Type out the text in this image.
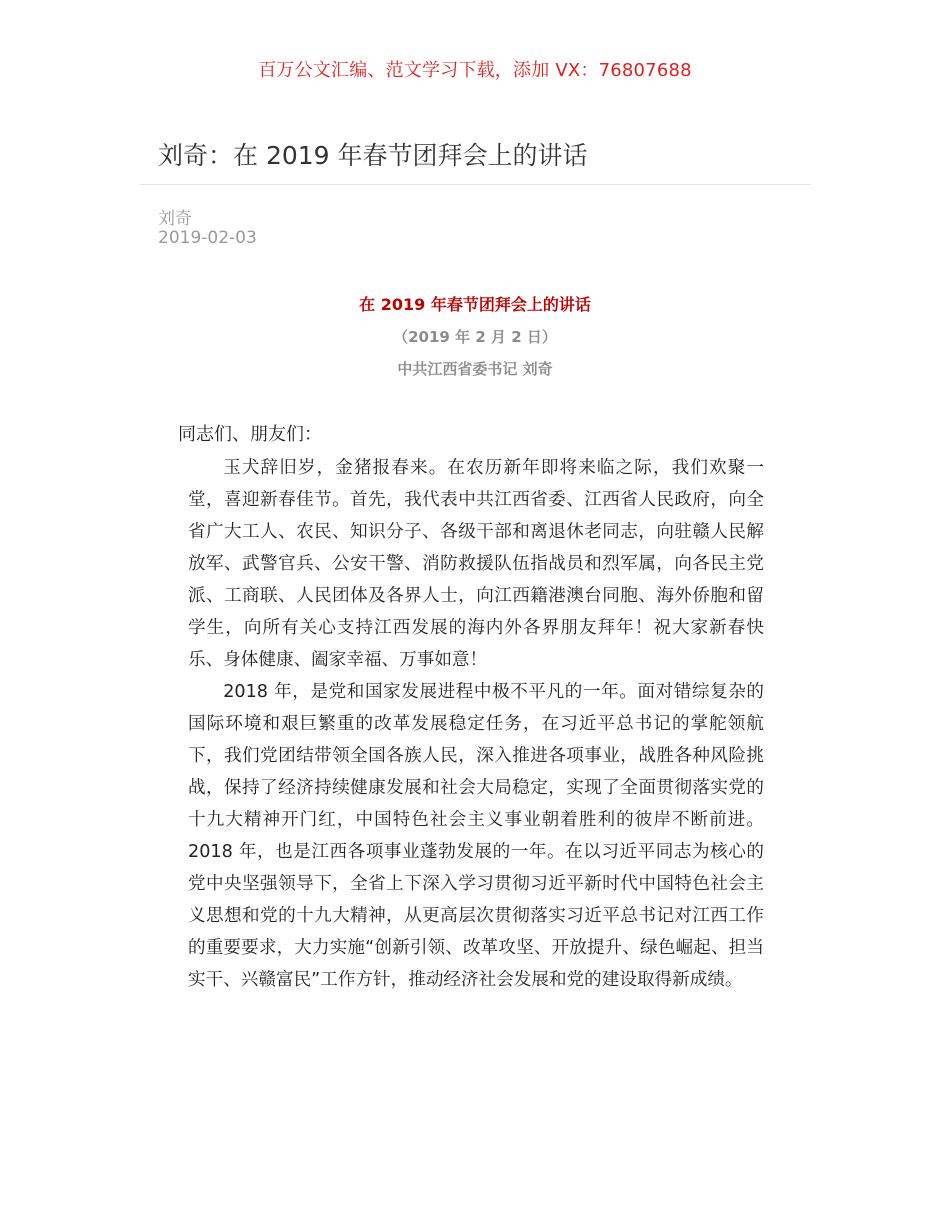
百万公文汇编、范文学习下载，添加 VX：76807688
刘奇：在 2019 年春节团拜会上的讲话
刘奇
2019-02-03
在 2019 年春节团拜会上的讲话
（2019 年 2 月 2 日）
中共江西省委书记 刘奇
同志们、朋友们：

玉犬辞旧岁，金猪报春来。在农历新年即将来临之际，我们欢聚一堂，喜迎新春佳节。首先，我代表中共江西省委、江西省人民政府，向全省广大工人、农民、知识分子、各级干部和离退休老同志，向驻赣人民解放军、武警官兵、公安干警、消防救援队伍指战员和烈军属，向各民主党派、工商联、人民团体及各界人士，向江西籍港澳台同胞、海外侨胞和留学生，向所有关心支持江西发展的海内外各界朋友拜年！祝大家新春快乐、身体健康、阖家幸福、万事如意！

2018 年，是党和国家发展进程中极不平凡的一年。面对错综复杂的国际环境和艰巨繁重的改革发展稳定任务，在习近平总书记的掌舵领航下，我们党团结带领全国各族人民，深入推进各项事业，战胜各种风险挑战，保持了经济持续健康发展和社会大局稳定，实现了全面贯彻落实党的十九大精神开门红，中国特色社会主义事业朝着胜利的彼岸不断前进。2018 年，也是江西各项事业蓬勃发展的一年。在以习近平同志为核心的党中央坚强领导下，全省上下深入学习贯彻习近平新时代中国特色社会主义思想和党的十九大精神，从更高层次贯彻落实习近平总书记对江西工作的重要要求，大力实施“创新引领、改革攻坚、开放提升、绿色崛起、担当实干、兴赣富民”工作方针，推动经济社会发展和党的建设取得新成绩。
